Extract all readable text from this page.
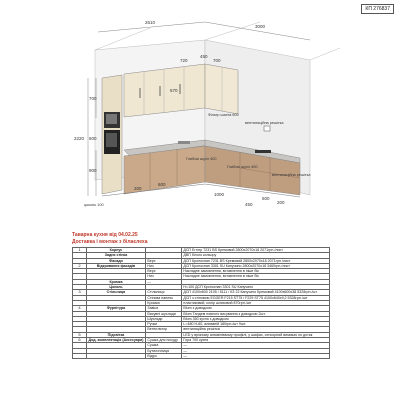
КП 276837
2610
3000
2220
700
900
600
720
450
700
570
600
200
1000
450
600
200
Фільтр шахта 600
вентиляційна решітка
вентиляційна решітка
Глибокі шухл 400
Глибокі шухл 400
цоколь 100
Таварна кухня від 04.02.25
Доставка і монтаж з білаєлеха
1	Корпус		ДСП Егггер 7231 BS Кремовий 2800х2070х18 2071грн./лист
	Задня стінка		ДВП білого кольору
	Фасади	Верх	ДСП Кроноспан 7231 BS Кремовий 2800х2070х18 2071грн./лист
2	Відкривання фасадів	Низ	ДСП Кроноспан 3301 SU Капучино 2800х2070х18 3460грн./лист
		Верх	Накладне замовлення, вставлення в ніше бік
		Низ	Накладне замовлення, вставлення в ніше бік
	Кромка	—	
	Цоколь		H=100 ДСП Кроноспан 3301 SU Капучино
3	Стільниця	Стільниця	ДСП 4100х600 2105 / 5111 / КЗ 22 Капучино Кремовий 4100х600х38 5328грн./шт
		Стінова панель	ДСП з стіновою EGGER F215 ST75 / F229 ST75 4100х640х9,2 5328грн./шт
		Кромка	пластиковий, колір шляховий 870грн./шт
4	Фурнітура	Завіси	Blum з доводкою
		Висувні шухляди	Blum Тандем повного висування з доводкою 2шт.
		Шухляди	Blum 350 кухня з доводкою
		Ручки	L=480 Н-60, алюміній 180грн./шт 9шт.
		Вентилятор	вентиляційна решітка
5	Підсвітка		LED у врізному алюмінієвому профілі, у шафах, сенсорний вимикач по дотик
6	Дод. комплектація (Аксесуари)	Сушка для посуду	Гора 700 кухня
		Сушка	—
		Бутилочниця	—
		Відро	—
